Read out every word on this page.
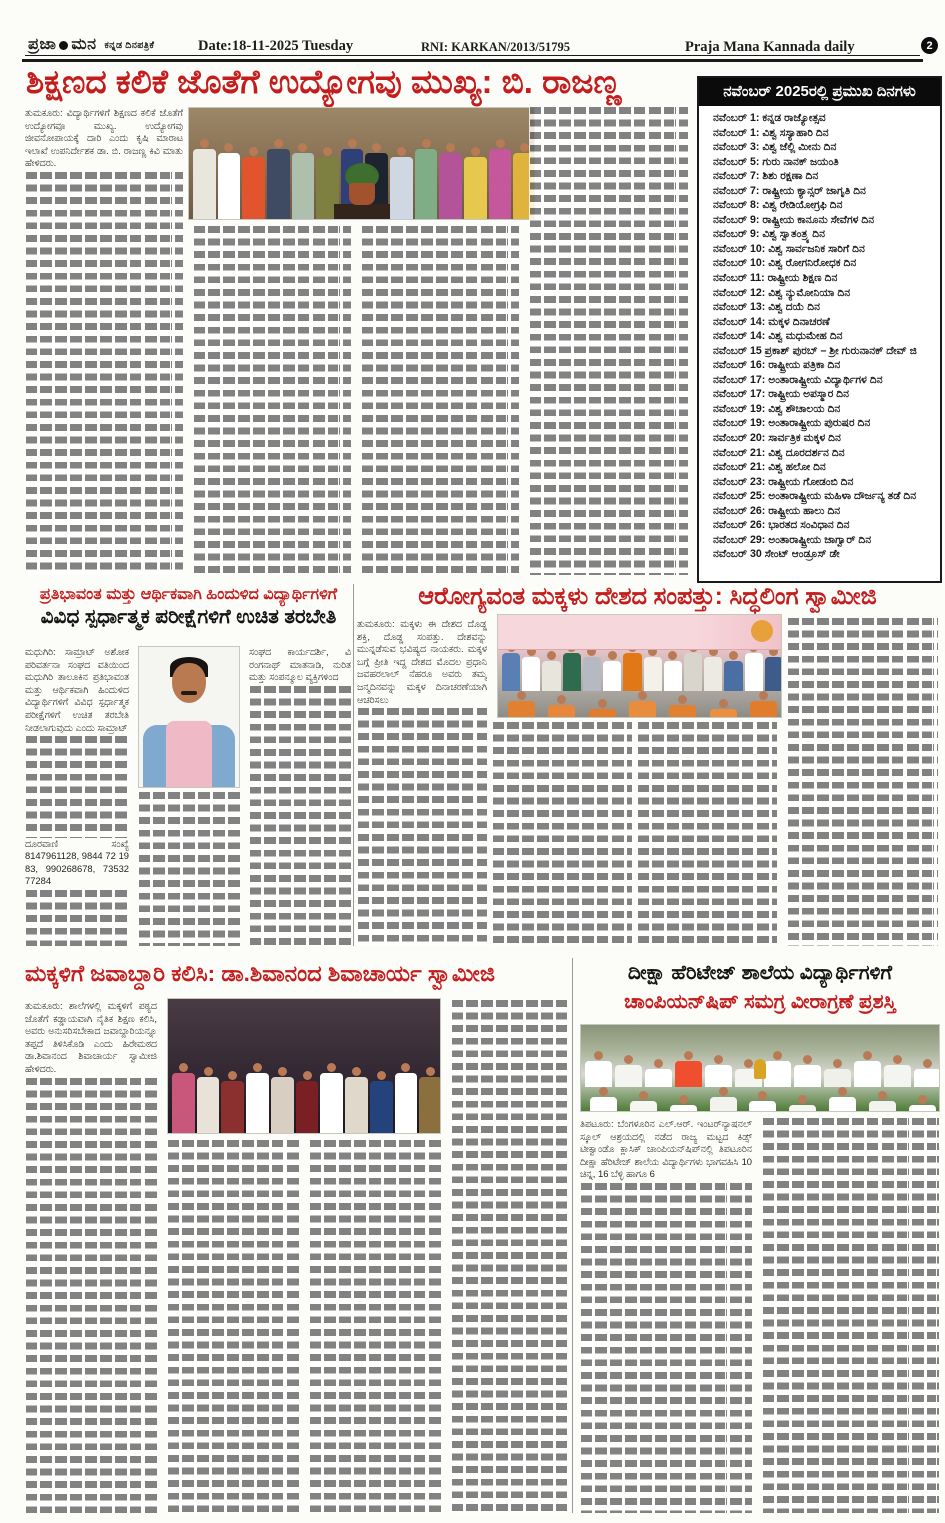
ಪ್ರಜಾ ಮನ ಕನ್ನಡ ದಿನಪತ್ರಿಕೆ	Date:18-11-2025 Tuesday	RNI: KARKAN/2013/51795	Praja Mana Kannada daily	2
ಶಿಕ್ಷಣದ ಕಲಿಕೆ ಜೊತೆಗೆ ಉದ್ಯೋಗವು ಮುಖ್ಯ: ಬಿ. ರಾಜಣ್ಣ	ನವೆಂಬರ್ 2025ರಲ್ಲಿ ಪ್ರಮುಖ ದಿನಗಳು
ನವೆಂಬರ್ 1: ಕನ್ನಡ ರಾಜ್ಯೋತ್ಸವ
ನವೆಂಬರ್ 1: ವಿಶ್ವ ಸಸ್ಯಾಹಾರಿ ದಿನ
ನವೆಂಬರ್ 3: ವಿಶ್ವ ಜೆಲ್ಲಿ ಮೀನು ದಿನ
ನವೆಂಬರ್ 5: ಗುರು ನಾನಕ್ ಜಯಂತಿ
ನವೆಂಬರ್ 7: ಶಿಶು ರಕ್ಷಣಾ ದಿನ
ನವೆಂಬರ್ 7: ರಾಷ್ಟ್ರೀಯ ಕ್ಯಾನ್ಸರ್ ಜಾಗೃತಿ ದಿನ
ನವೆಂಬರ್ 8: ವಿಶ್ವ ರೇಡಿಯೋಗ್ರಫಿ ದಿನ
ನವೆಂಬರ್ 9: ರಾಷ್ಟ್ರೀಯ ಕಾನೂನು ಸೇವೆಗಳ ದಿನ
ನವೆಂಬರ್ 9: ವಿಶ್ವ ಸ್ವಾತಂತ್ರ್ಯ ದಿನ
ನವೆಂಬರ್ 10: ವಿಶ್ವ ಸಾರ್ವಜನಿಕ ಸಾರಿಗೆ ದಿನ
ನವೆಂಬರ್ 10: ವಿಶ್ವ ರೋಗನಿರೋಧಕ ದಿನ
ನವೆಂಬರ್ 11: ರಾಷ್ಟ್ರೀಯ ಶಿಕ್ಷಣ ದಿನ
ನವೆಂಬರ್ 12: ವಿಶ್ವ ನ್ಯುಮೋನಿಯಾ ದಿನ
ನವೆಂಬರ್ 13: ವಿಶ್ವ ದಯೆ ದಿನ
ನವೆಂಬರ್ 14: ಮಕ್ಕಳ ದಿನಾಚರಣೆ
ನವೆಂಬರ್ 14: ವಿಶ್ವ ಮಧುಮೇಹ ದಿನ
ನವೆಂಬರ್ 15 ಪ್ರಕಾಶ್ ಪುರಬ್ – ಶ್ರೀ ಗುರುನಾನಕ್ ದೇವ್ ಜಿ
ನವೆಂಬರ್ 16: ರಾಷ್ಟ್ರೀಯ ಪತ್ರಿಕಾ ದಿನ
ನವೆಂಬರ್ 17: ಅಂತಾರಾಷ್ಟ್ರೀಯ ವಿದ್ಯಾರ್ಥಿಗಳ ದಿನ
ನವೆಂಬರ್ 17: ರಾಷ್ಟ್ರೀಯ ಅಪಸ್ಮಾರ ದಿನ
ನವೆಂಬರ್ 19: ವಿಶ್ವ ಶೌಚಾಲಯ ದಿನ
ನವೆಂಬರ್ 19: ಅಂತಾರಾಷ್ಟ್ರೀಯ ಪುರುಷರ ದಿನ
ನವೆಂಬರ್ 20: ಸಾರ್ವತ್ರಿಕ ಮಕ್ಕಳ ದಿನ
ನವೆಂಬರ್ 21: ವಿಶ್ವ ದೂರದರ್ಶನ ದಿನ
ನವೆಂಬರ್ 21: ವಿಶ್ವ ಹಲೋ ದಿನ
ನವೆಂಬರ್ 23: ರಾಷ್ಟ್ರೀಯ ಗೋಡಂಬಿ ದಿನ
ನವೆಂಬರ್ 25: ಅಂತಾರಾಷ್ಟ್ರೀಯ ಮಹಿಳಾ ದೌರ್ಜನ್ಯ ತಡೆ ದಿನ
ನವೆಂಬರ್ 26: ರಾಷ್ಟ್ರೀಯ ಹಾಲು ದಿನ
ನವೆಂಬರ್ 26: ಭಾರತದ ಸಂವಿಧಾನ ದಿನ
ನವೆಂಬರ್ 29: ಅಂತಾರಾಷ್ಟ್ರೀಯ ಜಾಗ್ವಾರ್ ದಿನ
ನವೆಂಬರ್ 30 ಸೇಂಟ್ ಆಂಡ್ರೂಸ್ ಡೇ

ತುಮಕೂರು: ವಿದ್ಯಾರ್ಥಿಗಳಿಗೆ ಶಿಕ್ಷಣದ ಕಲಿಕೆ ಜೊತೆಗೆ ಉದ್ಯೋಗವೂ ಮುಖ್ಯ. ಉದ್ಯೋಗವು ಜೀವನೋಪಾಯಕ್ಕೆ ದಾರಿ ಎಂದು ಕೃಷಿ ಮಾರಾಟ ಇಲಾಖೆ ಉಪನಿರ್ದೇಶಕ ಡಾ. ಬಿ. ರಾಜಣ್ಣ ಕಿವಿ ಮಾತು ಹೇಳಿದರು.

ಪ್ರತಿಭಾವಂತ ಮತ್ತು ಆರ್ಥಿಕವಾಗಿ ಹಿಂದುಳಿದ ವಿದ್ಯಾರ್ಥಿಗಳಿಗೆ
ವಿವಿಧ ಸ್ಪರ್ಧಾತ್ಮಕ ಪರೀಕ್ಷೆಗಳಿಗೆ ಉಚಿತ ತರಬೇತಿ

ಮಧುಗಿರಿ: ಸಾಮ್ರಾಟ್ ಅಶೋಕ ಪರಿವರ್ತನಾ ಸಂಘದ ವತಿಯಿಂದ ಮಧುಗಿರಿ ತಾಲೂಕಿನ ಪ್ರತಿಭಾವಂತ ಮತ್ತು ಆರ್ಥಿಕವಾಗಿ ಹಿಂದುಳಿದ ವಿದ್ಯಾರ್ಥಿಗಳಿಗೆ ವಿವಿಧ ಸ್ಪರ್ಧಾತ್ಮಕ ಪರೀಕ್ಷೆಗಳಿಗೆ ಉಚಿತ ತರಬೇತಿ ನೀಡಲಾಗುವುದು ಎಂದು ಸಾಮ್ರಾಟ್

ದೂರವಾಣಿ ಸಂಖ್ಯೆ 8147961128, 9844 72 19 83, 990268678, 73532 77284

ಸಂಘದ ಕಾರ್ಯದರ್ಶಿ, ವಿ ರಂಗನಾಥ್ ಮಾತನಾಡಿ, ನುರಿತ ಮತ್ತು ಸಂಪನ್ಮೂಲ ವ್ಯಕ್ತಿಗಳಿಂದ

ಆರೋಗ್ಯವಂತ ಮಕ್ಕಳು ದೇಶದ ಸಂಪತ್ತು: ಸಿದ್ಧಲಿಂಗ ಸ್ವಾಮೀಜಿ

ತುಮಕೂರು: ಮಕ್ಕಳು ಈ ದೇಶದ ದೊಡ್ಡ ಶಕ್ತಿ, ದೊಡ್ಡ ಸಂಪತ್ತು. ದೇಶವನ್ನು ಮುನ್ನಡೆಸುವ ಭವಿಷ್ಯದ ನಾಯಕರು. ಮಕ್ಕಳ ಬಗ್ಗೆ ಪ್ರೀತಿ ಇದ್ದ ದೇಶದ ಮೊದಲ ಪ್ರಧಾನಿ ಜವಹರಲಾಲ್ ನೆಹರೂ ಅವರು ತಮ್ಮ ಜನ್ಮದಿನವನ್ನು ಮಕ್ಕಳ ದಿನಾಚರಣೆಯಾಗಿ ಆಚರಿಸಲು

ಮಕ್ಕಳಿಗೆ ಜವಾಬ್ದಾರಿ ಕಲಿಸಿ: ಡಾ.ಶಿವಾನಂದ ಶಿವಾಚಾರ್ಯ ಸ್ವಾಮೀಜಿ

ತುಮಕೂರು: ಶಾಲೆಗಳಲ್ಲಿ ಮಕ್ಕಳಿಗೆ ಪಠ್ಯದ ಜೊತೆಗೆ ಕಡ್ಡಾಯವಾಗಿ ನೈತಿಕ ಶಿಕ್ಷಣ ಕಲಿಸಿ, ಅವರು ಅನುಸರಿಸಬೇಕಾದ ಜವಾಬ್ದಾರಿಯನ್ನೂ ತಪ್ಪದೆ ತಿಳಿಸಿಕೊಡಿ ಎಂದು ಹಿರೇಮಠದ ಡಾ.ಶಿವಾನಂದ ಶಿವಾಚಾರ್ಯ ಸ್ವಾಮೀಜಿ ಹೇಳಿದರು.

ದೀಕ್ಷಾ ಹೆರಿಟೇಜ್ ಶಾಲೆಯ ವಿದ್ಯಾರ್ಥಿಗಳಿಗೆ
ಚಾಂಪಿಯನ್‌ಷಿಪ್ ಸಮಗ್ರ ವೀರಾಗ್ರಣೆ ಪ್ರಶಸ್ತಿ

ತಿಪಟೂರು: ಬೆಂಗಳೂರಿನ ಎಲ್.ಆರ್. ಇಂಟರ್‌ನ್ಯಾಷನಲ್ ಸ್ಕೂಲ್ ಆಶ್ರಯದಲ್ಲಿ ನಡೆದ ರಾಜ್ಯ ಮಟ್ಟದ ಕಿಡ್ಸ್ ಟೀಕ್ವಾಂಡೊ ಕ್ಲಾಸಿಕ್ ಚಾಂಪಿಯನ್‌ಷಿಪ್‌ನಲ್ಲಿ ತಿಪಟೂರಿನ ದೀಕ್ಷಾ ಹೆರಿಟೇಜ್ ಶಾಲೆಯ ವಿದ್ಯಾರ್ಥಿಗಳು ಭಾಗವಹಿಸಿ 10 ಚಿನ್ನ, 16 ಬೆಳ್ಳಿ ಹಾಗೂ 6
